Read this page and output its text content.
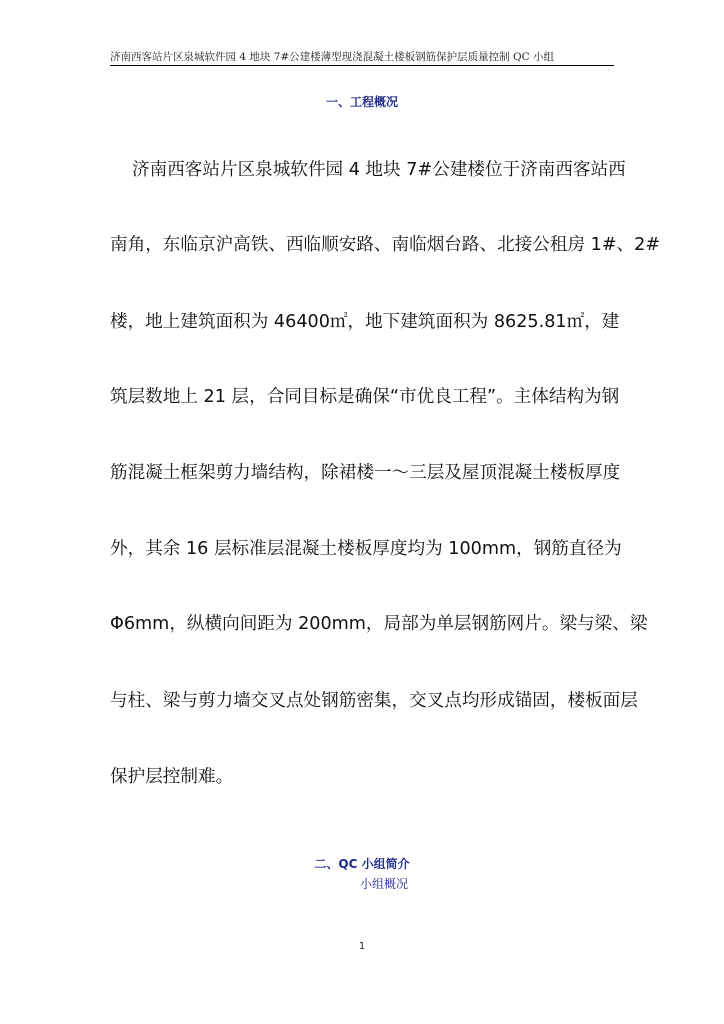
济南西客站片区泉城软件园 4 地块 7#公建楼薄型现浇混凝土楼板钢筋保护层质量控制 QC 小组
一、工程概况
济南西客站片区泉城软件园 4 地块 7#公建楼位于济南西客站西
南角，东临京沪高铁、西临顺安路、南临烟台路、北接公租房 1#、2#
楼，地上建筑面积为 46400㎡，地下建筑面积为 8625.81㎡，建
筑层数地上 21 层，合同目标是确保“市优良工程”。主体结构为钢
筋混凝土框架剪力墙结构，除裙楼一～三层及屋顶混凝土楼板厚度
外，其余 16 层标准层混凝土楼板厚度均为 100mm，钢筋直径为
Φ6mm，纵横向间距为 200mm，局部为单层钢筋网片。梁与梁、梁
与柱、梁与剪力墙交叉点处钢筋密集，交叉点均形成锚固，楼板面层
保护层控制难。
二、QC 小组简介
小组概况
1
